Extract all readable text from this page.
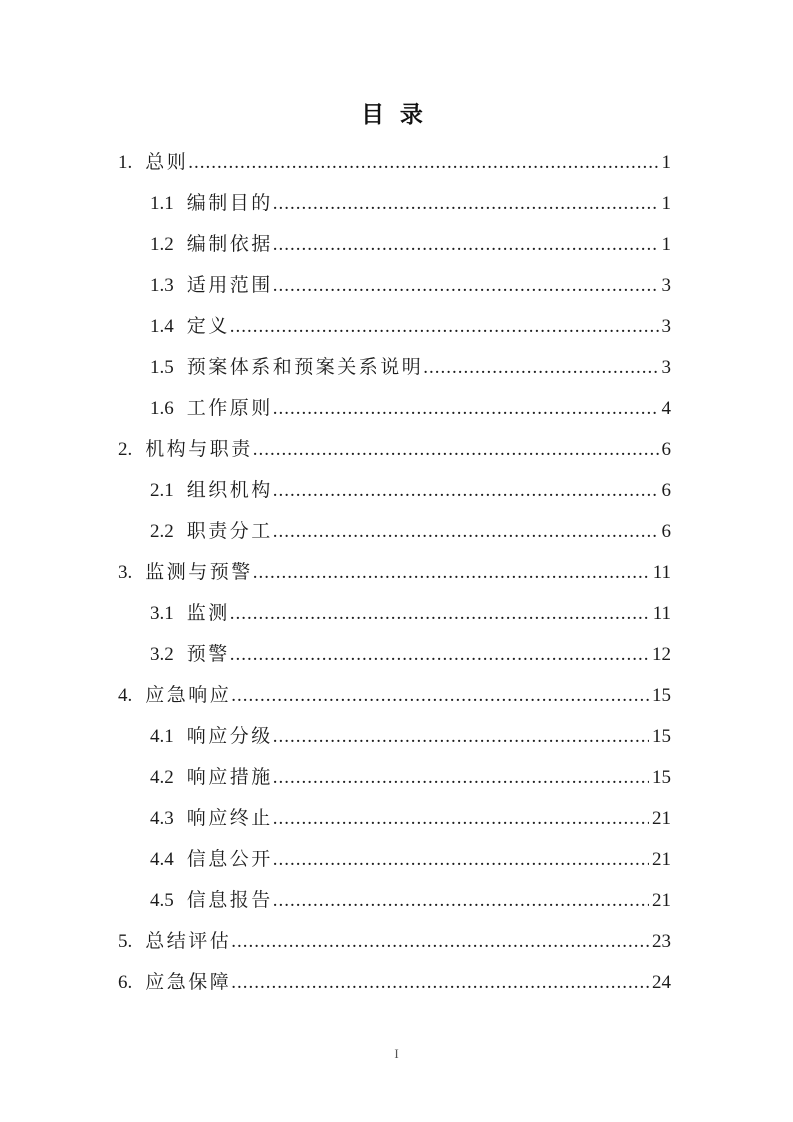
目 录
1. 总则 .....	1
1.1 编制目的 .....	1
1.2 编制依据 .....	1
1.3 适用范围 .....	3
1.4 定义 .....	3
1.5 预案体系和预案关系说明 .....	3
1.6 工作原则 .....	4
2. 机构与职责 .....	6
2.1 组织机构 .....	6
2.2 职责分工 .....	6
3. 监测与预警 .....	11
3.1 监测 .....	11
3.2 预警 .....	12
4. 应急响应 .....	15
4.1 响应分级 .....	15
4.2 响应措施 .....	15
4.3 响应终止 .....	21
4.4 信息公开 .....	21
4.5 信息报告 .....	21
5. 总结评估 .....	23
6. 应急保障 .....	24
I
